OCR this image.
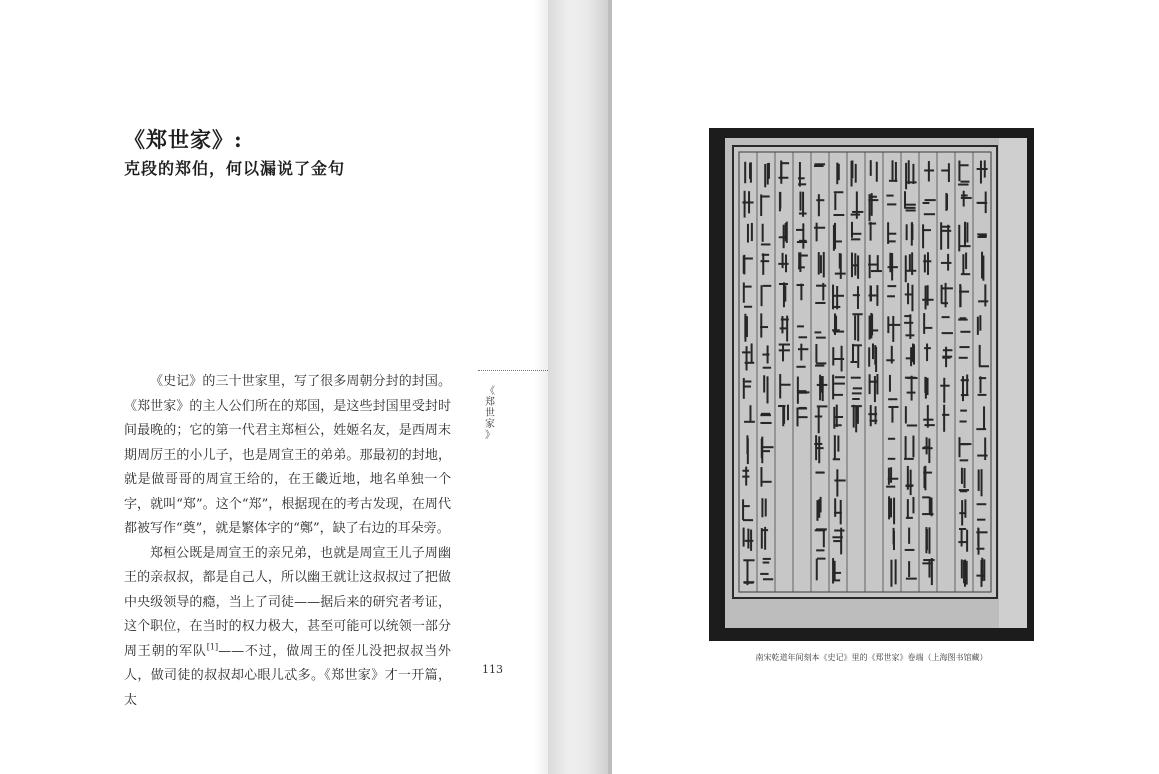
《郑世家》:
克段的郑伯，何以漏说了金句

《史记》的三十世家里，写了很多周朝分封的封国。《郑世家》的主人公们所在的郑国，是这些封国里受封时间最晚的；它的第一代君主郑桓公，姓姬名友，是西周末期周厉王的小儿子，也是周宣王的弟弟。那最初的封地，就是做哥哥的周宣王给的，在王畿近地，地名单独一个字，就叫“郑”。这个“郑”，根据现在的考古发现，在周代都被写作“奠”，就是繁体字的“鄭”，缺了右边的耳朵旁。

郑桓公既是周宣王的亲兄弟，也就是周宣王儿子周幽王的亲叔叔，都是自己人，所以幽王就让这叔叔过了把做中央级领导的瘾，当上了司徒——据后来的研究者考证，这个职位，在当时的权力极大，甚至可能可以统领一部分周王朝的军队[1]——不过，做周王的侄儿没把叔叔当外人，做司徒的叔叔却心眼儿忒多。《郑世家》才一开篇，太

《
郑
世
家
》
113
南宋乾道年间刻本《史记》里的《郑世家》卷端（上海图书馆藏）
